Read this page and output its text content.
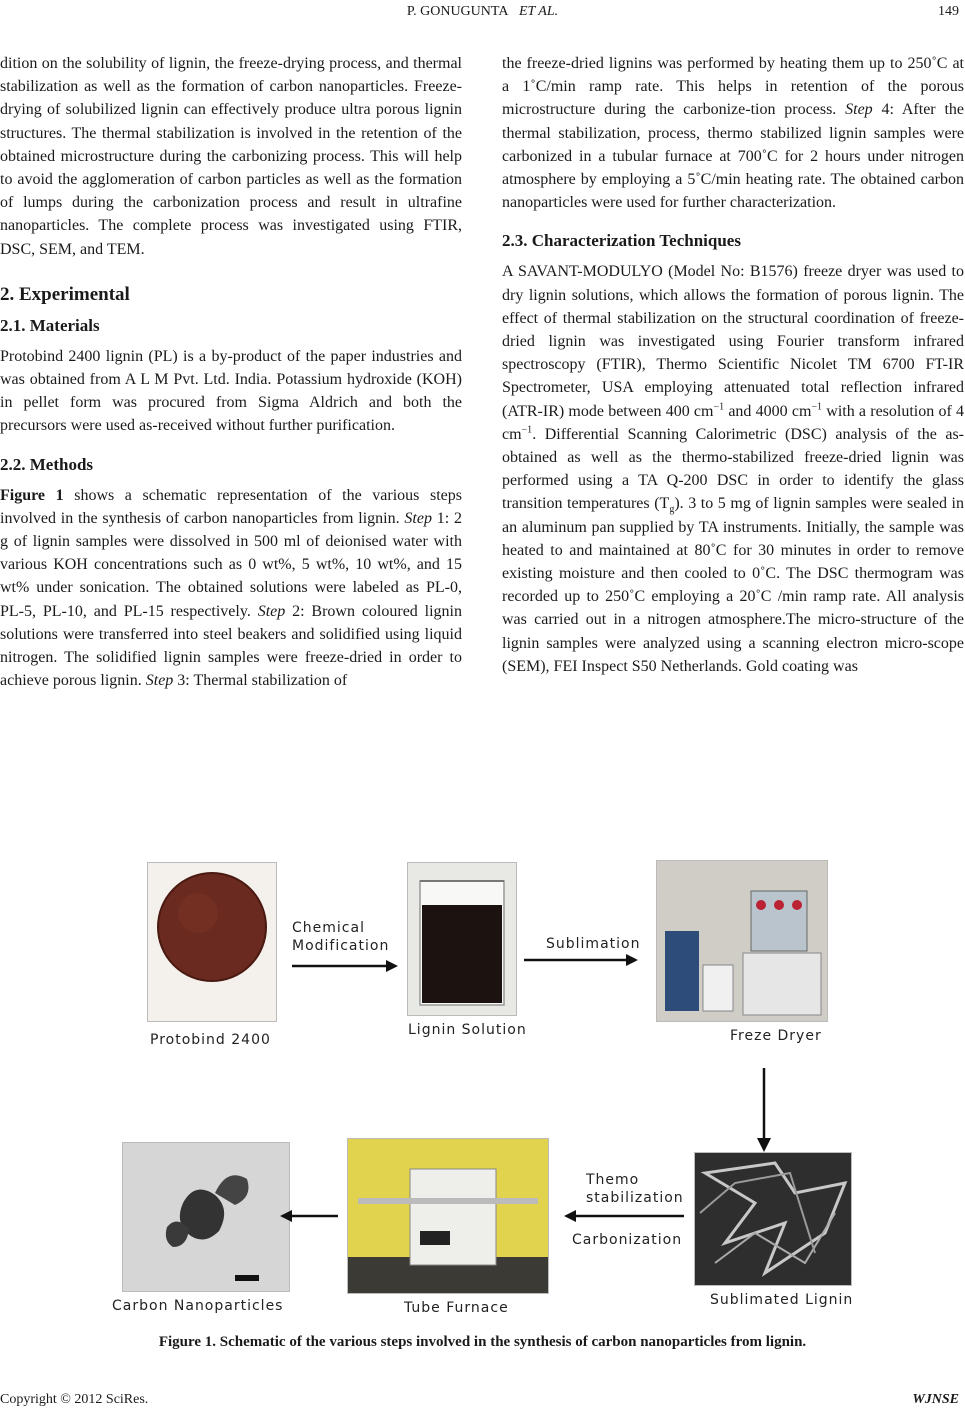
P. GONUGUNTA ET AL.	149

dition on the solubility of lignin, the freeze-drying process, and thermal stabilization as well as the formation of carbon nanoparticles. Freeze-drying of solubilized lignin can effectively produce ultra porous lignin structures. The thermal stabilization is involved in the retention of the obtained microstructure during the carbonizing process. This will help to avoid the agglomeration of carbon particles as well as the formation of lumps during the carbonization process and result in ultrafine nanoparticles. The complete process was investigated using FTIR, DSC, SEM, and TEM.

2. Experimental
2.1. Materials

Protobind 2400 lignin (PL) is a by-product of the paper industries and was obtained from A L M Pvt. Ltd. India. Potassium hydroxide (KOH) in pellet form was procured from Sigma Aldrich and both the precursors were used as-received without further purification.

2.2. Methods

Figure 1 shows a schematic representation of the various steps involved in the synthesis of carbon nanoparticles from lignin. Step 1: 2 g of lignin samples were dissolved in 500 ml of deionised water with various KOH concentrations such as 0 wt%, 5 wt%, 10 wt%, and 15 wt% under sonication. The obtained solutions were labeled as PL-0, PL-5, PL-10, and PL-15 respectively. Step 2: Brown coloured lignin solutions were transferred into steel beakers and solidified using liquid nitrogen. The solidified lignin samples were freeze-dried in order to achieve porous lignin. Step 3: Thermal stabilization of

the freeze-dried lignins was performed by heating them up to 250˚C at a 1˚C/min ramp rate. This helps in retention of the porous microstructure during the carbonize-tion process. Step 4: After the thermal stabilization, process, thermo stabilized lignin samples were carbonized in a tubular furnace at 700˚C for 2 hours under nitrogen atmosphere by employing a 5˚C/min heating rate. The obtained carbon nanoparticles were used for further characterization.

2.3. Characterization Techniques

A SAVANT-MODULYO (Model No: B1576) freeze dryer was used to dry lignin solutions, which allows the formation of porous lignin. The effect of thermal stabilization on the structural coordination of freeze-dried lignin was investigated using Fourier transform infrared spectroscopy (FTIR), Thermo Scientific Nicolet TM 6700 FT-IR Spectrometer, USA employing attenuated total reflection infrared (ATR-IR) mode between 400 $cm^{-1}$ and 4000 $cm^{-1}$ with a resolution of 4 $cm^{-1}$. Differential Scanning Calorimetric (DSC) analysis of the as-obtained as well as the thermo-stabilized freeze-dried lignin was performed using a TA Q-200 DSC in order to identify the glass transition temperatures $(T_g)$. 3 to 5 mg of lignin samples were sealed in an aluminum pan supplied by TA instruments. Initially, the sample was heated to and maintained at 80˚C for 30 minutes in order to remove existing moisture and then cooled to 0˚C. The DSC thermogram was recorded up to 250˚C employing a 20˚C /min ramp rate. All analysis was carried out in a nitrogen atmosphere.The micro-structure of the lignin samples were analyzed using a scanning electron micro-scope (SEM), FEI Inspect S50 Netherlands. Gold coating was

Protobind 2400
Chemical
Modification
Lignin Solution
Sublimation
Freze Dryer
Carbon Nanoparticles	Tube Furnace
Themo
stabilization
Carbonization
Sublimated Lignin
Figure 1. Schematic of the various steps involved in the synthesis of carbon nanoparticles from lignin.
Copyright © 2012 SciRes.	WJNSE
